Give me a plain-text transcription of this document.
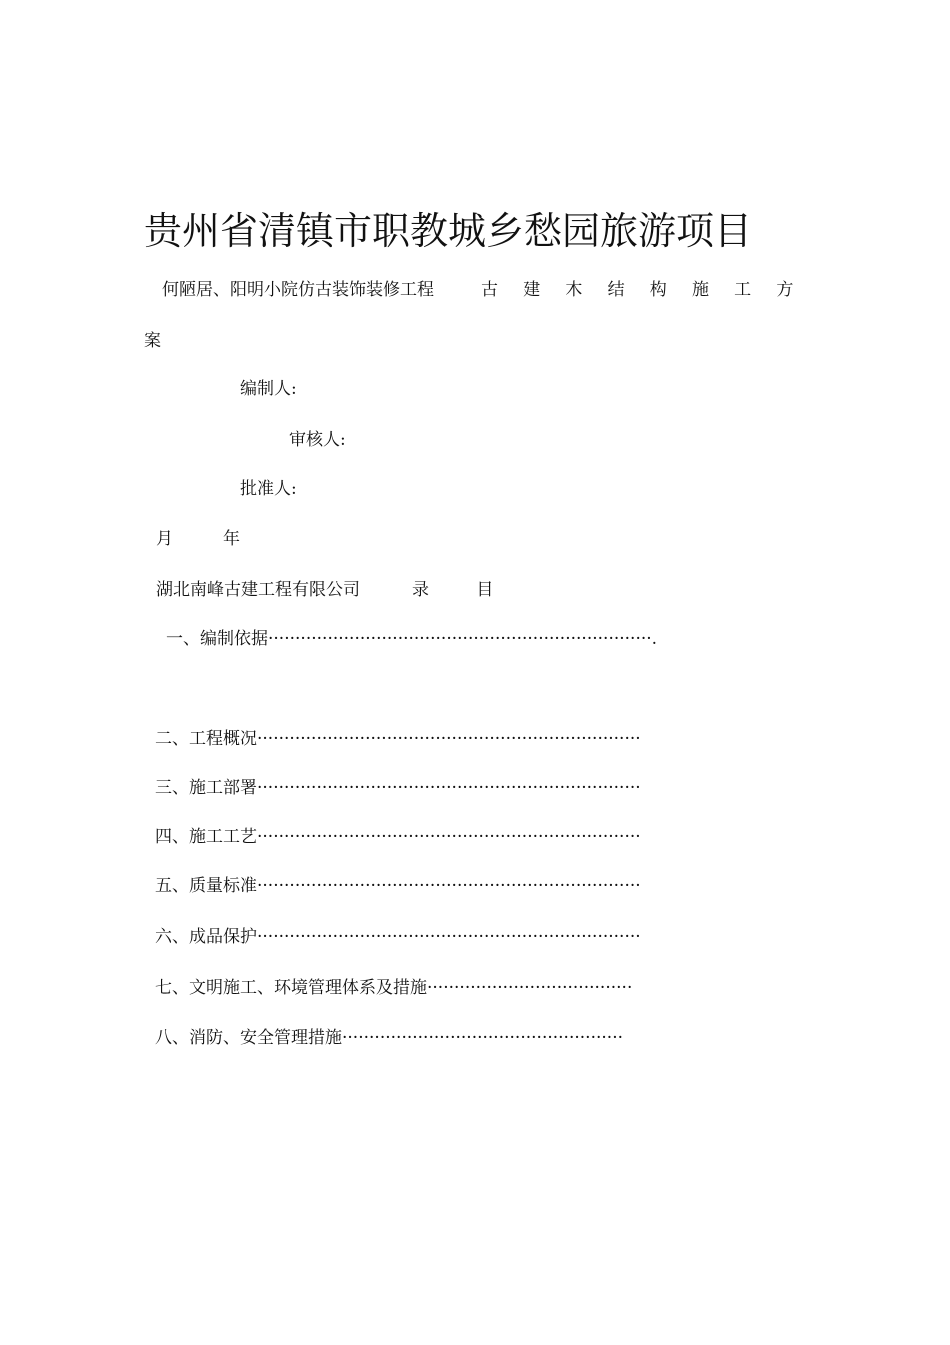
贵州省清镇市职教城乡愁园旅游项目
何陋居、阳明小院仿古装饰装修工程	古 建 木 结 构 施 工 方
案
编制人:
审核人:
批准人:
月	年
湖北南峰古建工程有限公司	录 目
一、编制依据·······································································.
二、工程概况·······································································
三、施工部署·······································································
四、施工工艺·······································································
五、质量标准·······································································
六、成品保护·······································································
七、文明施工、环境管理体系及措施······································
八、消防、安全管理措施····················································
